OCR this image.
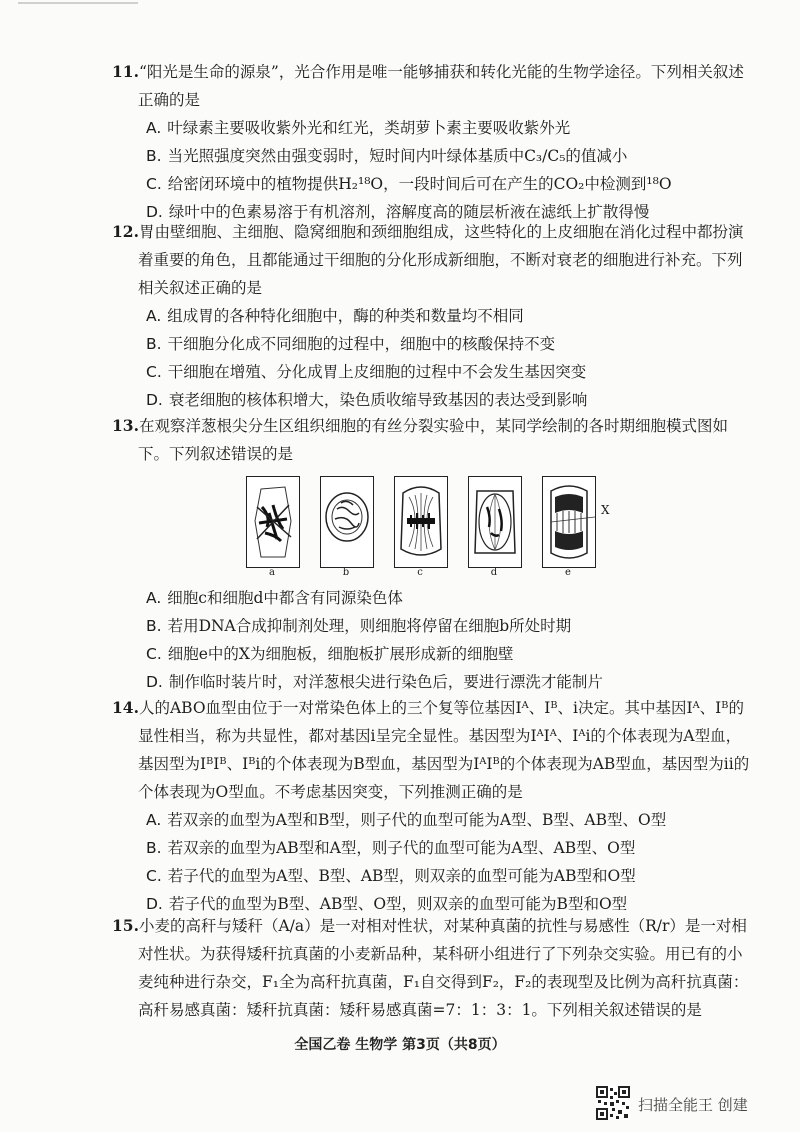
11.“阳光是生命的源泉”，光合作用是唯一能够捕获和转化光能的生物学途径。下列相关叙述正确的是
A. 叶绿素主要吸收紫外光和红光，类胡萝卜素主要吸收紫外光
B. 当光照强度突然由强变弱时，短时间内叶绿体基质中C₃/C₅的值减小
C. 给密闭环境中的植物提供H₂¹⁸O，一段时间后可在产生的CO₂中检测到¹⁸O
D. 绿叶中的色素易溶于有机溶剂，溶解度高的随层析液在滤纸上扩散得慢
12.胃由壁细胞、主细胞、隐窝细胞和颈细胞组成，这些特化的上皮细胞在消化过程中都扮演着重要的角色，且都能通过干细胞的分化形成新细胞，不断对衰老的细胞进行补充。下列相关叙述正确的是
A. 组成胃的各种特化细胞中，酶的种类和数量均不相同
B. 干细胞分化成不同细胞的过程中，细胞中的核酸保持不变
C. 干细胞在增殖、分化成胃上皮细胞的过程中不会发生基因突变
D. 衰老细胞的核体积增大，染色质收缩导致基因的表达受到影响
13.在观察洋葱根尖分生区组织细胞的有丝分裂实验中，某同学绘制的各时期细胞模式图如下。下列叙述错误的是
a	b	c	d	e
X
A. 细胞c和细胞d中都含有同源染色体
B. 若用DNA合成抑制剂处理，则细胞将停留在细胞b所处时期
C. 细胞e中的X为细胞板，细胞板扩展形成新的细胞壁
D. 制作临时装片时，对洋葱根尖进行染色后，要进行漂洗才能制片
14.人的ABO血型由位于一对常染色体上的三个复等位基因Iᴬ、Iᴮ、i决定。其中基因Iᴬ、Iᴮ的显性相当，称为共显性，都对基因i呈完全显性。基因型为IᴬIᴬ、Iᴬi的个体表现为A型血，基因型为IᴮIᴮ、Iᴮi的个体表现为B型血，基因型为IᴬIᴮ的个体表现为AB型血，基因型为ii的个体表现为O型血。不考虑基因突变，下列推测正确的是
A. 若双亲的血型为A型和B型，则子代的血型可能为A型、B型、AB型、O型
B. 若双亲的血型为AB型和A型，则子代的血型可能为A型、AB型、O型
C. 若子代的血型为A型、B型、AB型，则双亲的血型可能为AB型和O型
D. 若子代的血型为B型、AB型、O型，则双亲的血型可能为B型和O型
15.小麦的高秆与矮秆（A/a）是一对相对性状，对某种真菌的抗性与易感性（R/r）是一对相对性状。为获得矮秆抗真菌的小麦新品种，某科研小组进行了下列杂交实验。用已有的小麦纯种进行杂交，F₁全为高秆抗真菌，F₁自交得到F₂，F₂的表现型及比例为高秆抗真菌：高秆易感真菌：矮秆抗真菌：矮秆易感真菌=7：1：3：1。下列相关叙述错误的是
全国乙卷 生物学 第3页（共8页）
扫描全能王 创建
